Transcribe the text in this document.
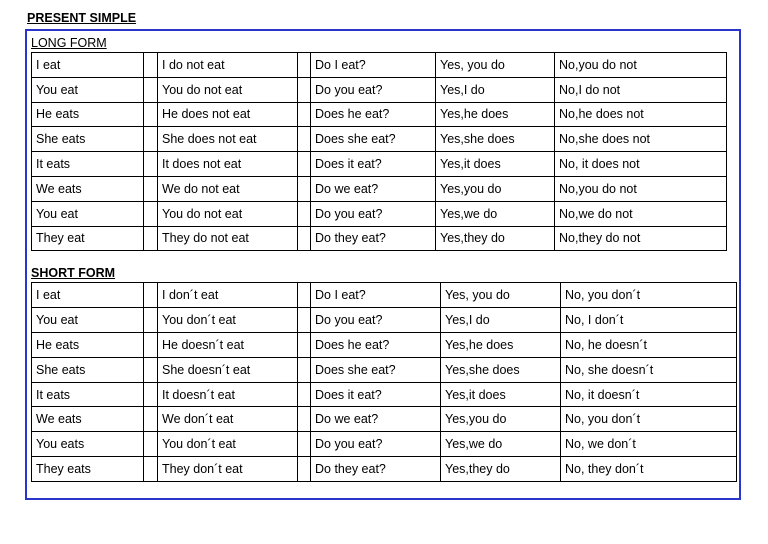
PRESENT SIMPLE
LONG FORM
I eat		I do not eat		Do I eat?	Yes, you do	No,you do not
You eat		You do not eat		Do you eat?	Yes,I do	No,I do not
He eats		He does not eat		Does he eat?	Yes,he does	No,he does not
She eats		She does not eat		Does she eat?	Yes,she does	No,she does not
It eats		It does not eat		Does it eat?	Yes,it does	No, it does not
We eats		We do not eat		Do we eat?	Yes,you do	No,you do not
You eat		You do not eat		Do you eat?	Yes,we do	No,we do not
They eat		They do not eat		Do they eat?	Yes,they do	No,they do not
SHORT FORM
I eat		I don´t eat		Do I eat?	Yes, you do	No, you don´t
You eat		You don´t eat		Do you eat?	Yes,I do	No, I don´t
He eats		He doesn´t eat		Does he eat?	Yes,he does	No, he doesn´t
She eats		She doesn´t eat		Does she eat?	Yes,she does	No, she doesn´t
It eats		It doesn´t eat		Does it eat?	Yes,it does	No, it doesn´t
We eats		We don´t eat		Do we eat?	Yes,you do	No, you don´t
You eats		You don´t eat		Do you eat?	Yes,we do	No, we don´t
They eats		They don´t eat		Do they eat?	Yes,they do	No, they don´t
